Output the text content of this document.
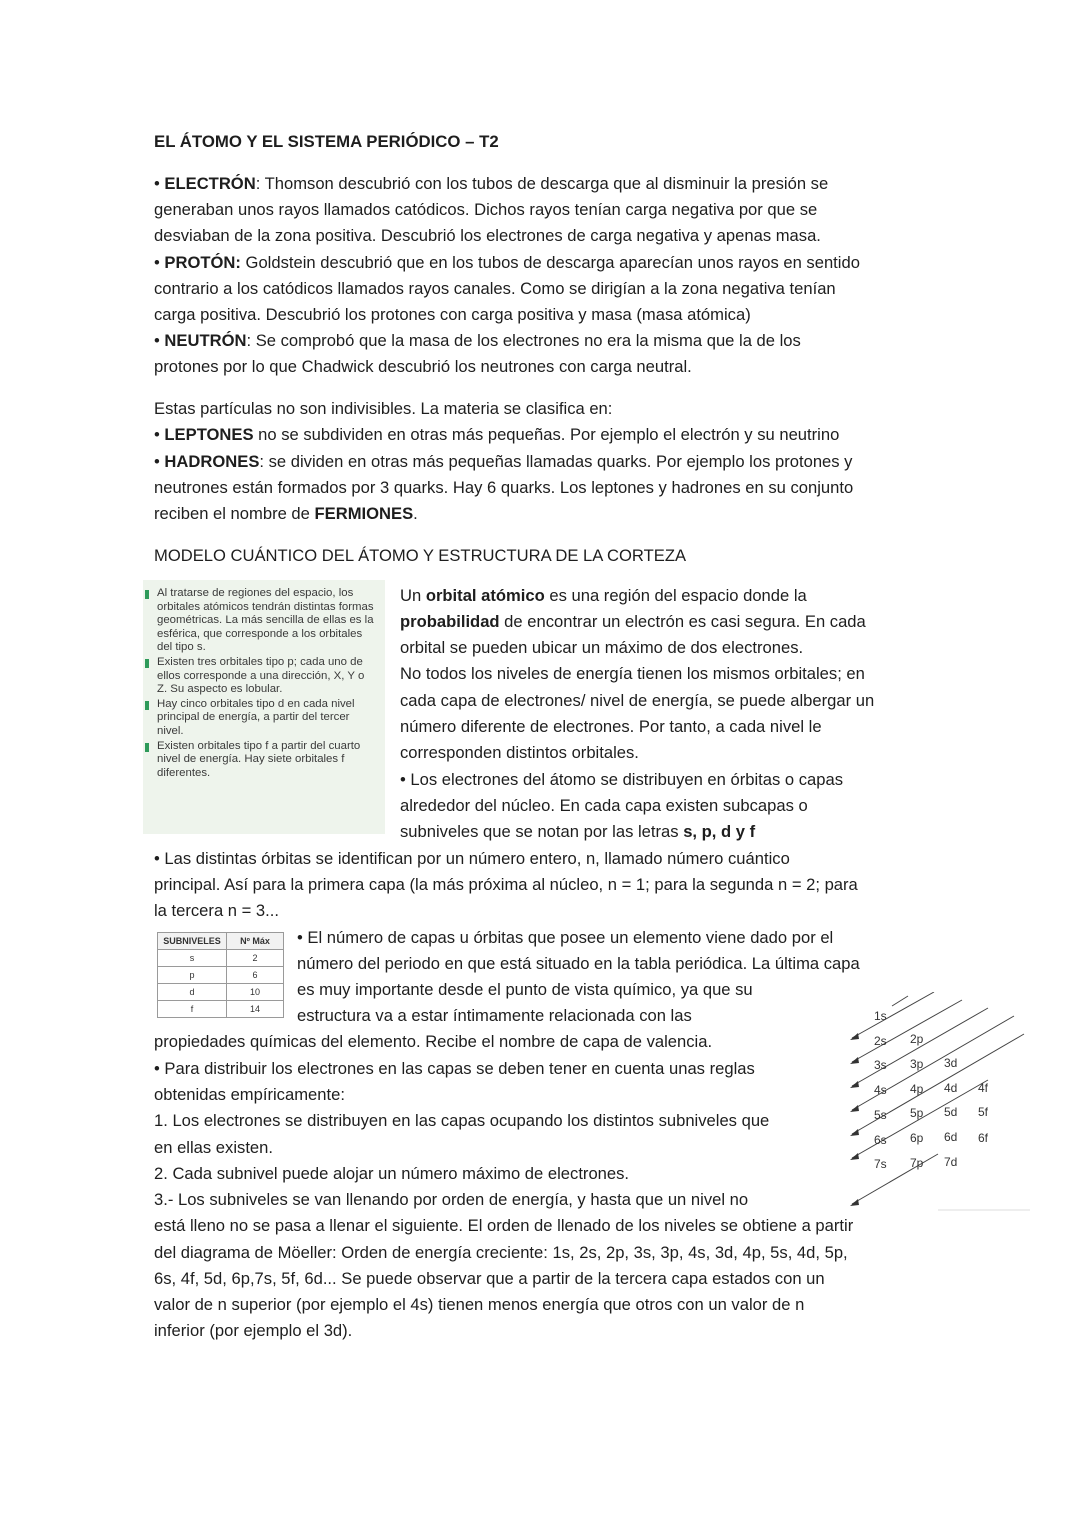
EL ÁTOMO Y EL SISTEMA PERIÓDICO – T2
• ELECTRÓN: Thomson descubrió con los tubos de descarga que al disminuir la presión se
generaban unos rayos llamados catódicos. Dichos rayos tenían carga negativa por que se
desviaban de la zona positiva. Descubrió los electrones de carga negativa y apenas masa.
• PROTÓN: Goldstein descubrió que en los tubos de descarga aparecían unos rayos en sentido
contrario a los catódicos llamados rayos canales. Como se dirigían a la zona negativa tenían
carga positiva. Descubrió los protones con carga positiva y masa (masa atómica)
• NEUTRÓN: Se comprobó que la masa de los electrones no era la misma que la de los
protones por lo que Chadwick descubrió los neutrones con carga neutral.
Estas partículas no son indivisibles. La materia se clasifica en:
• LEPTONES no se subdividen en otras más pequeñas. Por ejemplo el electrón y su neutrino
• HADRONES: se dividen en otras más pequeñas llamadas quarks. Por ejemplo los protones y
neutrones están formados por 3 quarks. Hay 6 quarks. Los leptones y hadrones en su conjunto
reciben el nombre de FERMIONES.
MODELO CUÁNTICO DEL ÁTOMO Y ESTRUCTURA DE LA CORTEZA
Al tratarse de regiones del espacio, los orbitales atómicos tendrán distintas formas geométricas. La más sencilla de ellas es la esférica, que corresponde a los orbitales del tipo s.
Existen tres orbitales tipo p; cada uno de ellos corresponde a una dirección, X, Y o Z. Su aspecto es lobular.
Hay cinco orbitales tipo d en cada nivel principal de energía, a partir del tercer nivel.
Existen orbitales tipo f a partir del cuarto nivel de energía. Hay siete orbitales f diferentes.
Un orbital atómico es una región del espacio donde la
probabilidad de encontrar un electrón es casi segura. En cada
orbital se pueden ubicar un máximo de dos electrones.
No todos los niveles de energía tienen los mismos orbitales; en
cada capa de electrones/ nivel de energía, se puede albergar un
número diferente de electrones. Por tanto, a cada nivel le
corresponden distintos orbitales.
• Los electrones del átomo se distribuyen en órbitas o capas
alrededor del núcleo. En cada capa existen subcapas o
subniveles que se notan por las letras s, p, d y f
• Las distintas órbitas se identifican por un número entero, n, llamado número cuántico
principal. Así para la primera capa (la más próxima al núcleo, n = 1; para la segunda n = 2; para
la tercera n = 3...
SUBNIVELES	Nº Máx
s	2
p	6
d	10
f	14
• El número de capas u órbitas que posee un elemento viene dado por el
número del periodo en que está situado en la tabla periódica. La última capa
es muy importante desde el punto de vista químico, ya que su
estructura va a estar íntimamente relacionada con las
propiedades químicas del elemento. Recibe el nombre de capa de valencia.
• Para distribuir los electrones en las capas se deben tener en cuenta unas reglas
obtenidas empíricamente:
1. Los electrones se distribuyen en las capas ocupando los distintos subniveles que
en ellas existen.
2. Cada subnivel puede alojar un número máximo de electrones.
3.- Los subniveles se van llenando por orden de energía, y hasta que un nivel no
está lleno no se pasa a llenar el siguiente. El orden de llenado de los niveles se obtiene a partir
del diagrama de Möeller: Orden de energía creciente: 1s, 2s, 2p, 3s, 3p, 4s, 3d, 4p, 5s, 4d, 5p,
6s, 4f, 5d, 6p,7s, 5f, 6d... Se puede observar que a partir de la tercera capa estados con un
valor de n superior (por ejemplo el 4s) tienen menos energía que otros con un valor de n
inferior (por ejemplo el 3d).
1s
2s
3s
4s
5s
6s
7s
2p
3p
4p
5p
6p
7p
3d
4d
5d
6d
7d
4f
5f
6f
